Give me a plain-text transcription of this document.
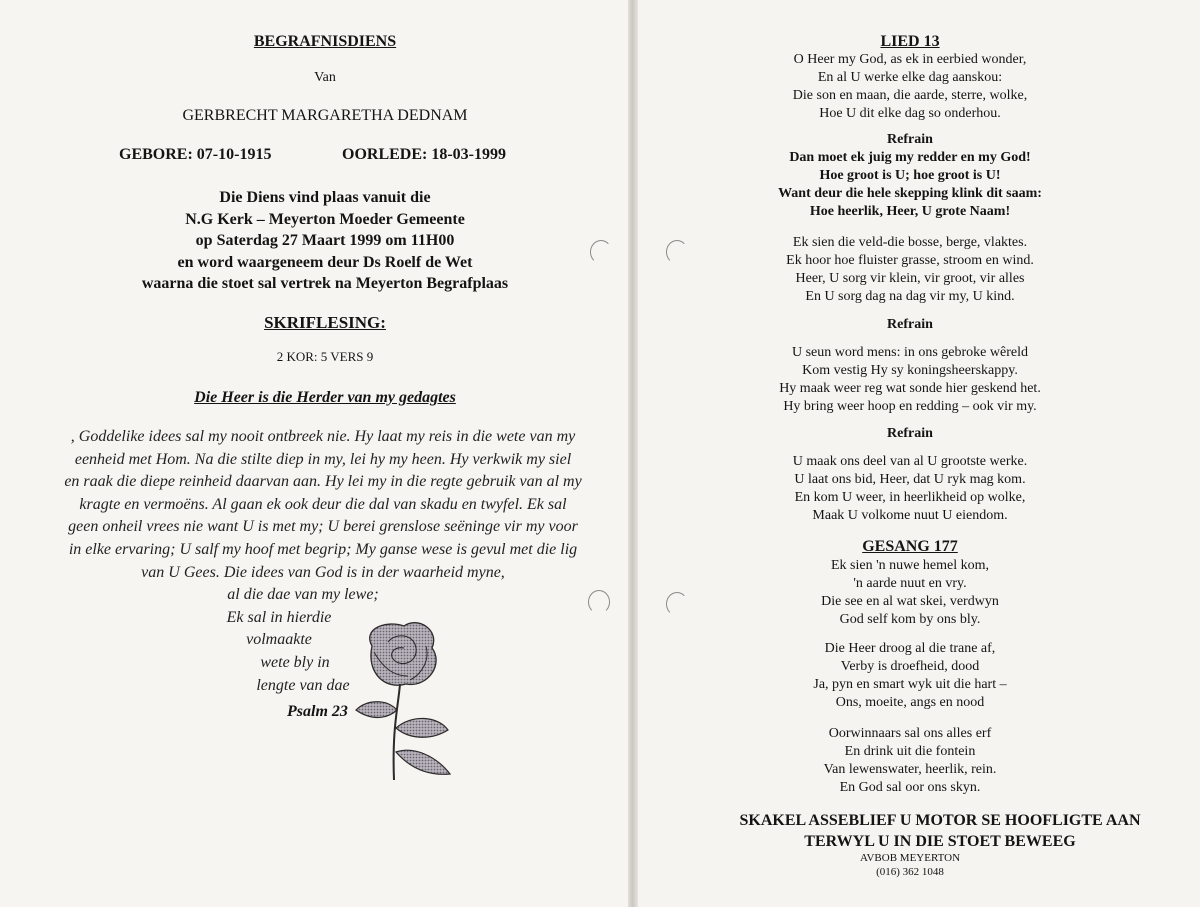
BEGRAFNISDIENS
Van
GERBRECHT MARGARETHA DEDNAM
GEBORE: 07-10-1915	OORLEDE: 18-03-1999
Die Diens vind plaas vanuit die
N.G Kerk – Meyerton Moeder Gemeente
op Saterdag 27 Maart 1999 om 11H00
en word waargeneem deur Ds Roelf de Wet
waarna die stoet sal vertrek na Meyerton Begrafplaas
SKRIFLESING:
2 KOR: 5 VERS 9
Die Heer is die Herder van my gedagtes
, Goddelike idees sal my nooit ontbreek nie. Hy laat my reis in die wete van my
eenheid met Hom. Na die stilte diep in my, lei hy my heen. Hy verkwik my siel
en raak die diepe reinheid daarvan aan. Hy lei my in die regte gebruik van al my
kragte en vermoëns. Al gaan ek ook deur die dal van skadu en twyfel. Ek sal
geen onheil vrees nie want U is met my; U berei grenslose seëninge vir my voor
in elke ervaring; U salf my hoof met begrip; My ganse wese is gevul met die lig
van U Gees. Die idees van God is in der waarheid myne,
al die dae van my lewe;
Ek sal in hierdie
volmaakte
wete bly in
lengte van dae
Psalm 23
LIED 13
O Heer my God, as ek in eerbied wonder,
En al U werke elke dag aanskou:
Die son en maan, die aarde, sterre, wolke,
Hoe U dit elke dag so onderhou.
Refrain
Dan moet ek juig my redder en my God!
Hoe groot is U; hoe groot is U!
Want deur die hele skepping klink dit saam:
Hoe heerlik, Heer, U grote Naam!
Ek sien die veld-die bosse, berge, vlaktes.
Ek hoor hoe fluister grasse, stroom en wind.
Heer, U sorg vir klein, vir groot, vir alles
En U sorg dag na dag vir my, U kind.
Refrain
U seun word mens: in ons gebroke wêreld
Kom vestig Hy sy koningsheerskappy.
Hy maak weer reg wat sonde hier geskend het.
Hy bring weer hoop en redding – ook vir my.
Refrain
U maak ons deel van al U grootste werke.
U laat ons bid, Heer, dat U ryk mag kom.
En kom U weer, in heerlikheid op wolke,
Maak U volkome nuut U eiendom.
GESANG 177
Ek sien 'n nuwe hemel kom,
'n aarde nuut en vry.
Die see en al wat skei, verdwyn
God self kom by ons bly.
Die Heer droog al die trane af,
Verby is droefheid, dood
Ja, pyn en smart wyk uit die hart –
Ons, moeite, angs en nood
Oorwinnaars sal ons alles erf
En drink uit die fontein
Van lewenswater, heerlik, rein.
En God sal oor ons skyn.
SKAKEL ASSEBLIEF U MOTOR SE HOOFLIGTE AAN
TERWYL U IN DIE STOET BEWEEG
AVBOB MEYERTON
(016) 362 1048
